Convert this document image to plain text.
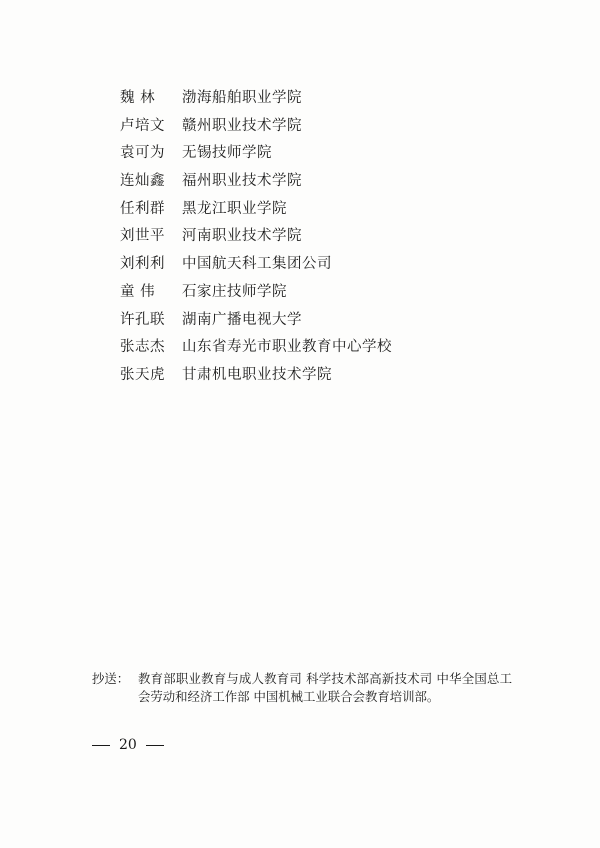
魏 林	渤海船舶职业学院
卢培文	赣州职业技术学院
袁可为	无锡技师学院
连灿鑫	福州职业技术学院
任利群	黑龙江职业学院
刘世平	河南职业技术学院
刘利利	中国航天科工集团公司
童 伟	石家庄技师学院
许孔联	湖南广播电视大学
张志杰	山东省寿光市职业教育中心学校
张天虎	甘肃机电职业技术学院
抄送： 教育部职业教育与成人教育司 科学技术部高新技术司 中华全国总工会劳动和经济工作部 中国机械工业联合会教育培训部。
20
